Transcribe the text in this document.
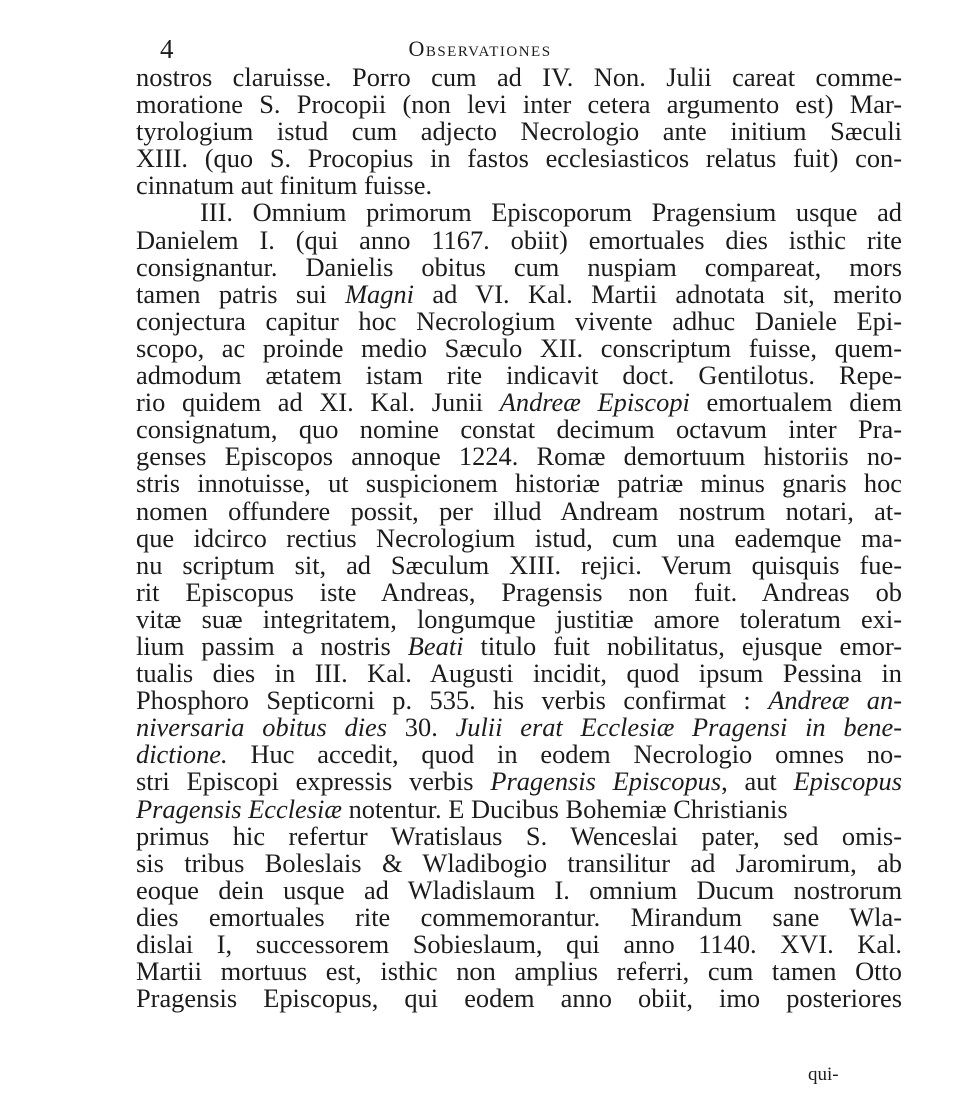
4	Observationes
nostros claruisse. Porro cum ad IV. Non. Julii careat comme-
moratione S. Procopii (non levi inter cetera argumento est) Mar-
tyrologium istud cum adjecto Necrologio ante initium Sæculi
XIII. (quo S. Procopius in fastos ecclesiasticos relatus fuit) con-
cinnatum aut finitum fuisse.
III. Omnium primorum Episcoporum Pragensium usque ad
Danielem I. (qui anno 1167. obiit) emortuales dies isthic rite
consignantur. Danielis obitus cum nuspiam compareat, mors
tamen patris sui Magni ad VI. Kal. Martii adnotata sit, merito
conjectura capitur hoc Necrologium vivente adhuc Daniele Epi-
scopo, ac proinde medio Sæculo XII. conscriptum fuisse, quem-
admodum ætatem istam rite indicavit doct. Gentilotus. Repe-
rio quidem ad XI. Kal. Junii Andreæ Episcopi emortualem diem
consignatum, quo nomine constat decimum octavum inter Pra-
genses Episcopos annoque 1224. Romæ demortuum historiis no-
stris innotuisse, ut suspicionem historiæ patriæ minus gnaris hoc
nomen offundere possit, per illud Andream nostrum notari, at-
que idcirco rectius Necrologium istud, cum una eademque ma-
nu scriptum sit, ad Sæculum XIII. rejici. Verum quisquis fue-
rit Episcopus iste Andreas, Pragensis non fuit. Andreas ob
vitæ suæ integritatem, longumque justitiæ amore toleratum exi-
lium passim a nostris Beati titulo fuit nobilitatus, ejusque emor-
tualis dies in III. Kal. Augusti incidit, quod ipsum Pessina in
Phosphoro Septicorni p. 535. his verbis confirmat : Andreæ an-
niversaria obitus dies 30. Julii erat Ecclesiæ Pragensi in bene-
dictione. Huc accedit, quod in eodem Necrologio omnes no-
stri Episcopi expressis verbis Pragensis Episcopus, aut Episcopus
Pragensis Ecclesiæ notentur. E Ducibus Bohemiæ Christianis
primus hic refertur Wratislaus S. Wenceslai pater, sed omis-
sis tribus Boleslais & Wladibogio transilitur ad Jaromirum, ab
eoque dein usque ad Wladislaum I. omnium Ducum nostrorum
dies emortuales rite commemorantur. Mirandum sane Wla-
dislai I, successorem Sobieslaum, qui anno 1140. XVI. Kal.
Martii mortuus est, isthic non amplius referri, cum tamen Otto
Pragensis Episcopus, qui eodem anno obiit, imo posteriores
qui-
